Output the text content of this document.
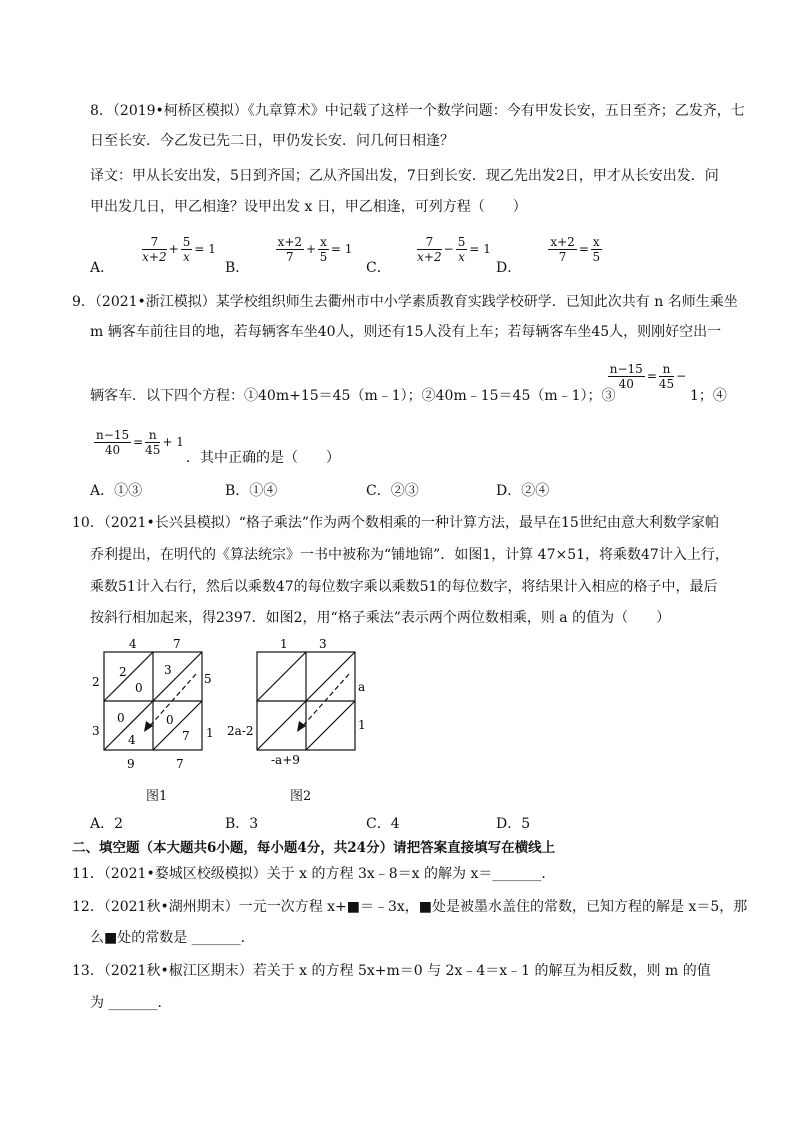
8．（2019•柯桥区模拟）《九章算术》中记载了这样一个数学问题：今有甲发长安，五日至齐；乙发齐，七
日至长安．今乙发已先二日，甲仍发长安．问几何日相逢？
译文：甲从长安出发，5日到齐国；乙从齐国出发，7日到长安．现乙先出发2日，甲才从长安出发．问
甲出发几日，甲乙相逢？设甲出发 x 日，甲乙相逢，可列方程（　　）
A．
$\frac{7}{x+2} + \frac{5}{x} = 1$
B．
$\frac{x+2}{7} + \frac{x}{5} = 1$
C．
$\frac{7}{x+2} - \frac{5}{x} = 1$
D．
$\frac{x+2}{7} = \frac{x}{5}$
9．（2021•浙江模拟）某学校组织师生去衢州市中小学素质教育实践学校研学．已知此次共有 n 名师生乘坐
m 辆客车前往目的地，若每辆客车坐40人，则还有15人没有上车；若每辆客车坐45人，则刚好空出一
辆客车．以下四个方程：①40m+15＝45（m﹣1）；②40m﹣15＝45（m﹣1）；③
$\frac{n-15}{40} = \frac{n}{45}$ −
1；④
$\frac{n-15}{40} = \frac{n}{45} + 1$
．其中正确的是（　　）
A．①③	B．①④	C．②③	D．②④
10．（2021•长兴县模拟）“格子乘法”作为两个数相乘的一种计算方法，最早在15世纪由意大利数学家帕
乔利提出，在明代的《算法统宗》一书中被称为“铺地锦”．如图1，计算 47×51，将乘数47计入上行，
乘数51计入右行，然后以乘数47的每位数字乘以乘数51的每位数字，将结果计入相应的格子中，最后
按斜行相加起来，得2397．如图2，用“格子乘法”表示两个两位数相乘，则 a 的值为（　　）
4	7
5
1
2
3
9	7
2
0
3
0
4
0
7
图1
1	3
a
1
2a-2
-a+9
图2
A．2	B．3	C．4	D．5
二、填空题（本大题共6小题，每小题4分，共24分）请把答案直接填写在横线上
11．（2021•婺城区校级模拟）关于 x 的方程 3x﹣8＝x 的解为 x＝_______．
12．（2021秋•湖州期末）一元一次方程 x+■＝﹣3x，■处是被墨水盖住的常数，已知方程的解是 x＝5，那
么■处的常数是 _______．
13．（2021秋•椒江区期末）若关于 x 的方程 5x+m＝0 与 2x﹣4＝x﹣1 的解互为相反数，则 m 的值
为 _______．
